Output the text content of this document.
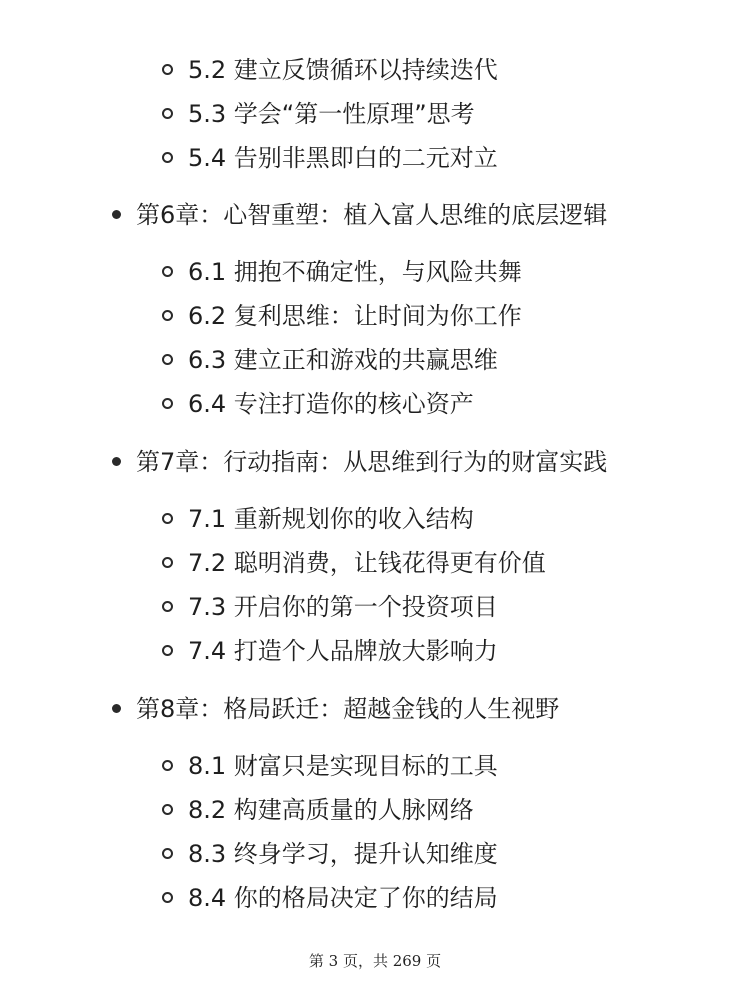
5.2 建立反馈循环以持续迭代
5.3 学会“第一性原理”思考
5.4 告别非黑即白的二元对立
第6章：心智重塑：植入富人思维的底层逻辑
6.1 拥抱不确定性，与风险共舞
6.2 复利思维：让时间为你工作
6.3 建立正和游戏的共赢思维
6.4 专注打造你的核心资产
第7章：行动指南：从思维到行为的财富实践
7.1 重新规划你的收入结构
7.2 聪明消费，让钱花得更有价值
7.3 开启你的第一个投资项目
7.4 打造个人品牌放大影响力
第8章：格局跃迁：超越金钱的人生视野
8.1 财富只是实现目标的工具
8.2 构建高质量的人脉网络
8.3 终身学习，提升认知维度
8.4 你的格局决定了你的结局
第 3 页，共 269 页
